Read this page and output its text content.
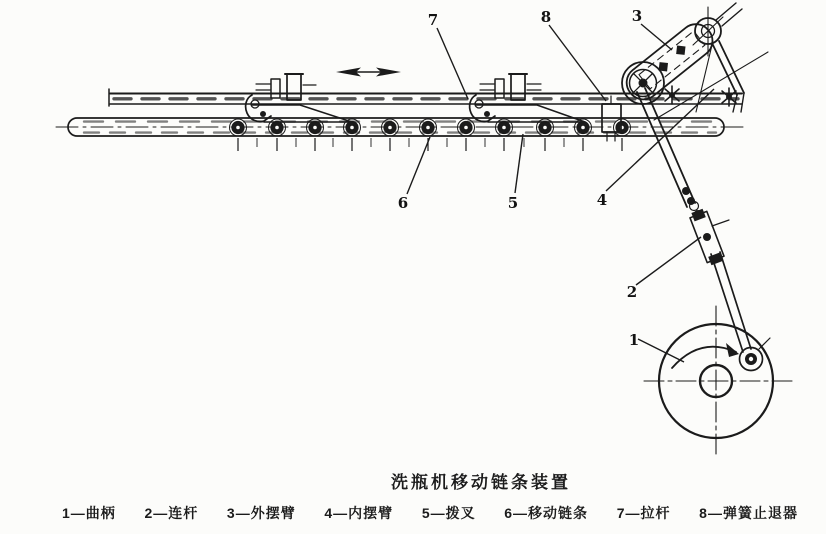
7	8	3
6	5	4
2
1
洗瓶机移动链条装置
1—曲柄 2—连杆 3—外摆臂 4—内摆臂 5—拨叉 6—移动链条 7—拉杆 8—弹簧止退器
